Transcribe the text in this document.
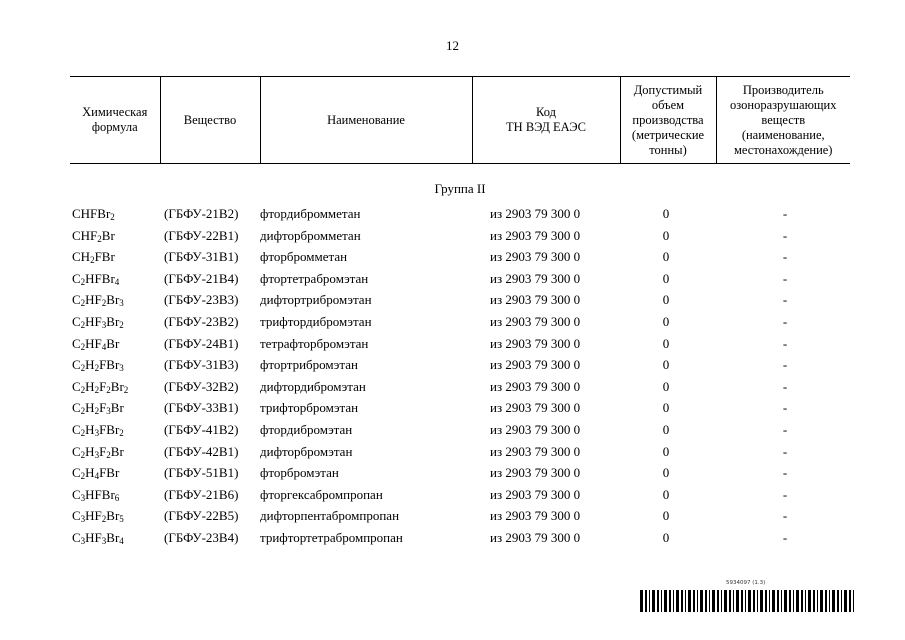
12
Химическая
формула	Вещество	Наименование	Код
ТН ВЭД ЕАЭС	Допустимый
объем
производства
(метрические
тонны)	Производитель
озоноразрушающих
веществ
(наименование,
местонахождение)
Группа II
CHFBr$_2$	(ГБФУ-21В2) фтордибромметан	из 2903 79 300 0	0	-
$CHF_2Br$	(ГБФУ-22В1) дифторбромметан	из 2903 79 300 0	0	-
$CH_2FBr$	(ГБФУ-31В1) фторбромметан	из 2903 79 300 0	0	-
$C_2HFBr_4$	(ГБФУ-21В4) фтортетрабромэтан	из 2903 79 300 0	0	-
$C_2HF_2Br_3$	(ГБФУ-23В3) дифтортрибромэтан	из 2903 79 300 0	0	-
$C_2HF_3Br_2$	(ГБФУ-23В2) трифтордибромэтан	из 2903 79 300 0	0	-
$C_2HF_4Br$	(ГБФУ-24В1) тетрафторбромэтан	из 2903 79 300 0	0	-
$C_2H_2FBr_3$	(ГБФУ-31В3) фтортрибромэтан	из 2903 79 300 0	0	-
$C_2H_2F_2Br_2$	(ГБФУ-32В2) дифтордибромэтан	из 2903 79 300 0	0	-
$C_2H_2F_3Br$	(ГБФУ-33В1) трифторбромэтан	из 2903 79 300 0	0	-
$C_2H_3FBr_2$	(ГБФУ-41В2) фтордибромэтан	из 2903 79 300 0	0	-
$C_2H_3F_2Br$	(ГБФУ-42В1) дифторбромэтан	из 2903 79 300 0	0	-
$C_2H_4FBr$	(ГБФУ-51В1) фторбромэтан	из 2903 79 300 0	0	-
$C_3HFBr_6$	(ГБФУ-21В6) фторгексабромпропан	из 2903 79 300 0	0	-
$C_3HF_2Br_5$	(ГБФУ-22В5) дифторпентабромпропан	из 2903 79 300 0	0	-
$C_3HF_3Br_4$	(ГБФУ-23В4) трифтортетрабромпропан	из 2903 79 300 0	0	-
5934097 (1.3)
